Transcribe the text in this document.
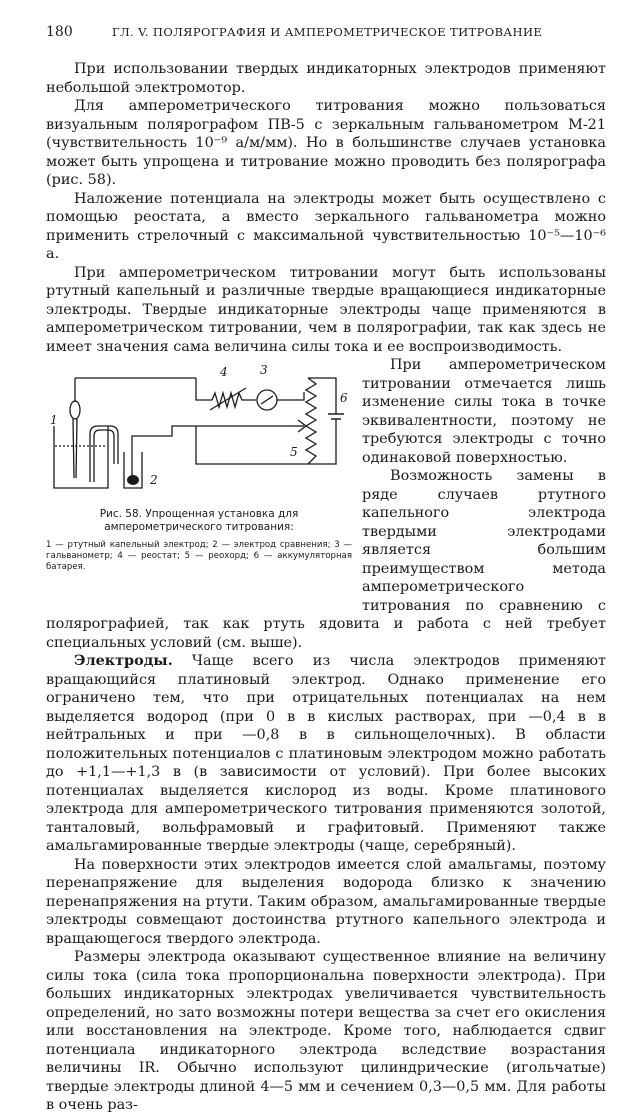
180	ГЛ. V. ПОЛЯРОГРАФИЯ И АМПЕРОМЕТРИЧЕСКОЕ ТИТРОВАНИЕ

При использовании твердых индикаторных электродов применяют небольшой электромотор.

Для амперометрического титрования можно пользоваться визуальным полярографом ПВ-5 с зеркальным гальванометром М-21 (чувствительность 10⁻⁹ а/м/мм). Но в большинстве случаев установка может быть упрощена и титрование можно проводить без полярографа (рис. 58).

Наложение потенциала на электроды может быть осуществлено с помощью реостата, а вместо зеркального гальванометра можно применить стрелочный с максимальной чувствительностью 10⁻⁵—10⁻⁶ а.

При амперометрическом титровании могут быть использованы ртутный капельный и различные твердые вращающиеся индикаторные электроды. Твердые индикаторные электроды чаще применяются в амперометрическом титровании, чем в полярографии, так как здесь не имеет значения сама величина силы тока и ее воспроизводимость.

1
2
3
4
5
6
Рис. 58. Упрощенная установка для амперометрического титрования:
1 — ртутный капельный электрод; 2 — электрод сравнения; 3 — гальванометр; 4 — реостат; 5 — реохорд; 6 — аккумуляторная батарея.

При амперометрическом титровании отмечается лишь изменение силы тока в точке эквивалентности, поэтому не требуются электроды с точно одинаковой поверхностью.

Возможность замены в ряде случаев ртутного капельного электрода твердыми электродами является большим преимуществом метода амперометрического титрования по сравнению с полярографией, так как ртуть ядовита и работа с ней требует специальных условий (см. выше).

Электроды. Чаще всего из числа электродов применяют вращающийся платиновый электрод. Однако применение его ограничено тем, что при отрицательных потенциалах на нем выделяется водород (при 0 в в кислых растворах, при —0,4 в в нейтральных и при —0,8 в в сильнощелочных). В области положительных потенциалов с платиновым электродом можно работать до +1,1—+1,3 в (в зависимости от условий). При более высоких потенциалах выделяется кислород из воды. Кроме платинового электрода для амперометрического титрования применяются золотой, танталовый, вольфрамовый и графитовый. Применяют также амальгамированные твердые электроды (чаще, серебряный).

На поверхности этих электродов имеется слой амальгамы, поэтому перенапряжение для выделения водорода близко к значению перенапряжения на ртути. Таким образом, амальгамированные твердые электроды совмещают достоинства ртутного капельного электрода и вращающегося твердого электрода.

Размеры электрода оказывают существенное влияние на величину силы тока (сила тока пропорциональна поверхности электрода). При больших индикаторных электродах увеличивается чувствительность определений, но зато возможны потери вещества за счет его окисления или восстановления на электроде. Кроме того, наблюдается сдвиг потенциала индикаторного электрода вследствие возрастания величины IR. Обычно используют цилиндрические (игольчатые) твердые электроды длиной 4—5 мм и сечением 0,3—0,5 мм. Для работы в очень раз-
